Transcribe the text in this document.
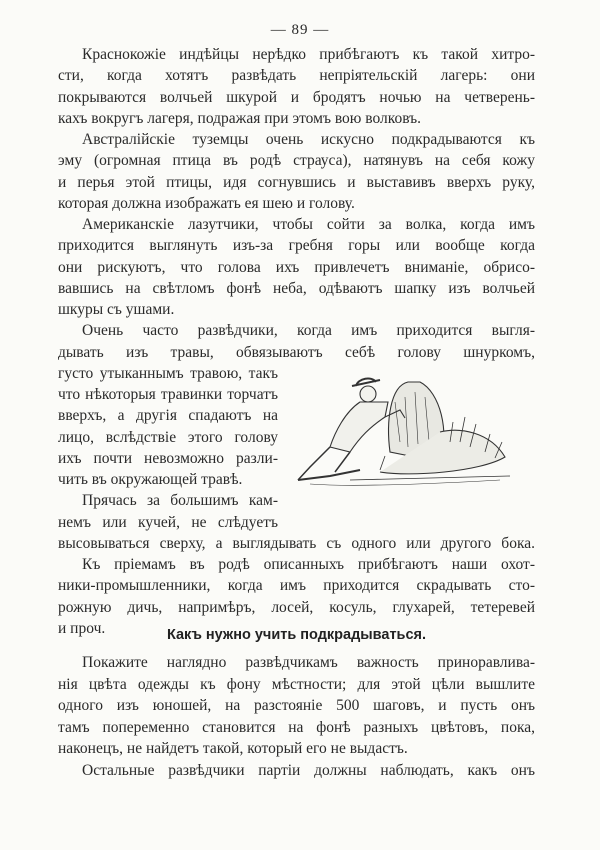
— 89 —
Краснокожіе индѣйцы нерѣдко прибѣгаютъ къ такой хитро-
сти, когда хотятъ развѣдать непріятельскій лагерь: они
покрываются волчьей шкурой и бродятъ ночью на четверень-
кахъ вокругъ лагеря, подражая при этомъ вою волковъ.
Австралійскіе туземцы очень искусно подкрадываются къ
эму (огромная птица въ родѣ страуса), натянувъ на себя кожу
и перья этой птицы, идя согнувшись и выставивъ вверхъ руку,
которая должна изображать ея шею и голову.
Американскіе лазутчики, чтобы сойти за волка, когда имъ
приходится выглянуть изъ-за гребня горы или вообще когда
они рискуютъ, что голова ихъ привлечетъ вниманіе, обрисо-
вавшись на свѣтломъ фонѣ неба, одѣваютъ шапку изъ волчьей
шкуры съ ушами.
Очень часто развѣдчики, когда имъ приходится выгля-
дывать изъ травы, обвязываютъ себѣ голову шнуркомъ,
густо утыканнымъ травою, такъ
что нѣкоторыя травинки торчатъ
вверхъ, а другія спадаютъ на
лицо, вслѣдствіе этого голову
ихъ почти невозможно разли-
чить въ окружающей травѣ.
Прячась за большимъ кам-
немъ или кучей, не слѣдуетъ
высовываться сверху, а выглядывать съ одного или другого бока.
Къ пріемамъ въ родѣ описанныхъ прибѣгаютъ наши охот-
ники-промышленники, когда имъ приходится скрадывать сто-
рожную дичь, напримѣръ, лосей, косуль, глухарей, тетеревей
и проч.
Покажите наглядно развѣдчикамъ важность приноравлива-
нія цвѣта одежды къ фону мѣстности; для этой цѣли вышлите
одного изъ юношей, на разстояніе 500 шаговъ, и пусть онъ
тамъ попеременно становится на фонѣ разныхъ цвѣтовъ, пока,
наконецъ, не найдетъ такой, который его не выдастъ.
Остальные развѣдчики партіи должны наблюдать, какъ онъ
Какъ нужно учить подкрадываться.
